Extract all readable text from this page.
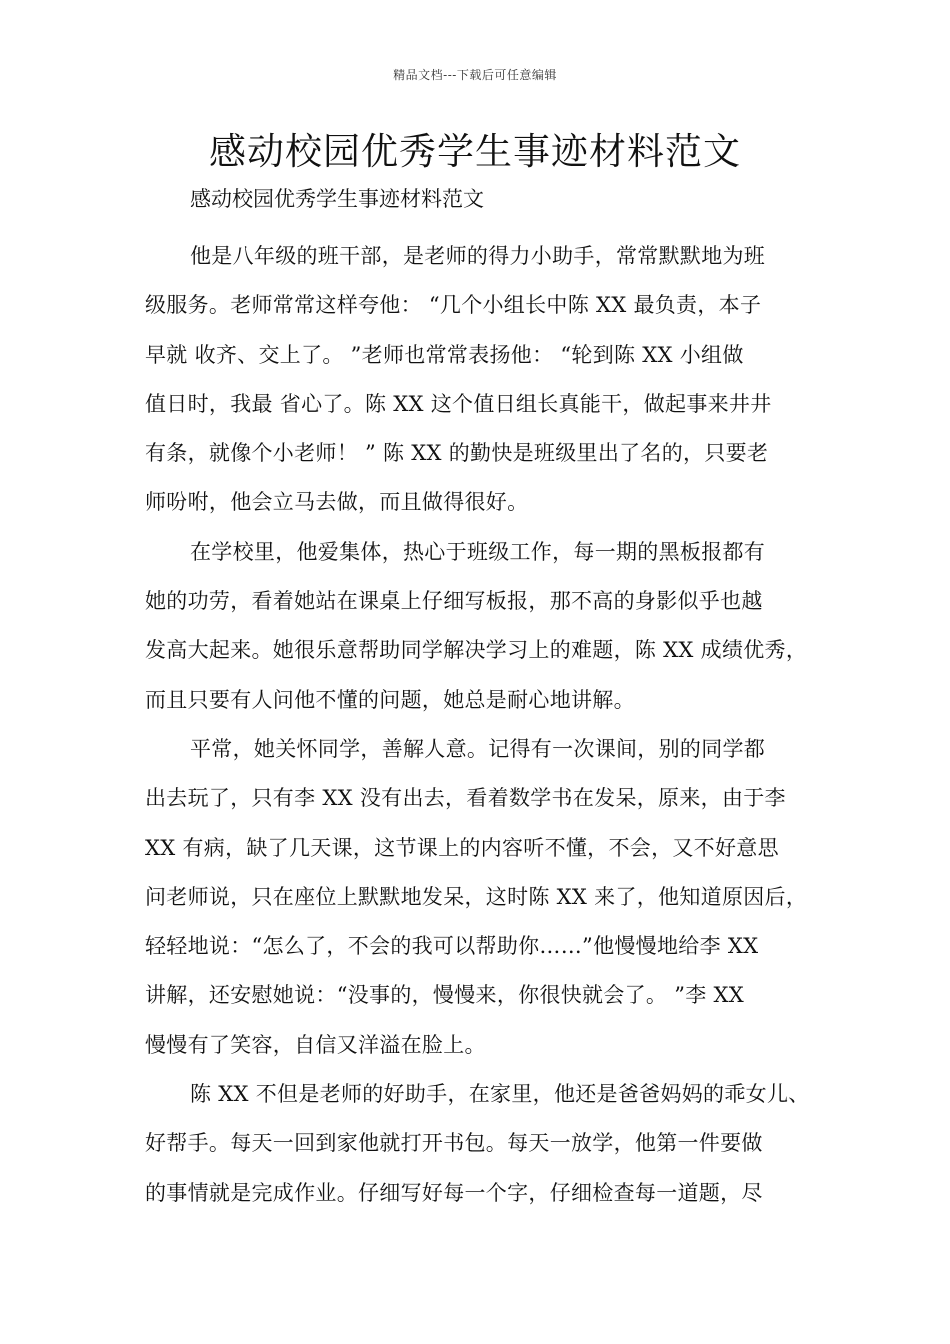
精品文档---下载后可任意编辑
感动校园优秀学生事迹材料范文

感动校园优秀学生事迹材料范文

他是八年级的班干部，是老师的得力小助手，常常默默地为班
级服务。老师常常这样夸他： “几个小组长中陈 XX 最负责，本子
早就 收齐、交上了。 ”老师也常常表扬他： “轮到陈 XX 小组做
值日时，我最 省心了。陈 XX 这个值日组长真能干，做起事来井井
有条，就像个小老师！ ” 陈 XX 的勤快是班级里出了名的，只要老
师吩咐，他会立马去做，而且做得很好。

在学校里，他爱集体，热心于班级工作，每一期的黑板报都有
她的功劳，看着她站在课桌上仔细写板报，那不高的身影似乎也越
发高大起来。她很乐意帮助同学解决学习上的难题，陈 XX 成绩优秀，
而且只要有人问他不懂的问题，她总是耐心地讲解。

平常，她关怀同学，善解人意。记得有一次课间，别的同学都
出去玩了，只有李 XX 没有出去，看着数学书在发呆，原来，由于李
XX 有病，缺了几天课，这节课上的内容听不懂，不会，又不好意思
问老师说，只在座位上默默地发呆，这时陈 XX 来了，他知道原因后，
轻轻地说：“怎么了，不会的我可以帮助你……”他慢慢地给李 XX
讲解，还安慰她说：“没事的，慢慢来，你很快就会了。 ”李 XX
慢慢有了笑容，自信又洋溢在脸上。

陈 XX 不但是老师的好助手，在家里，他还是爸爸妈妈的乖女儿、
好帮手。每天一回到家他就打开书包。每天一放学，他第一件要做
的事情就是完成作业。仔细写好每一个字，仔细检查每一道题，尽
